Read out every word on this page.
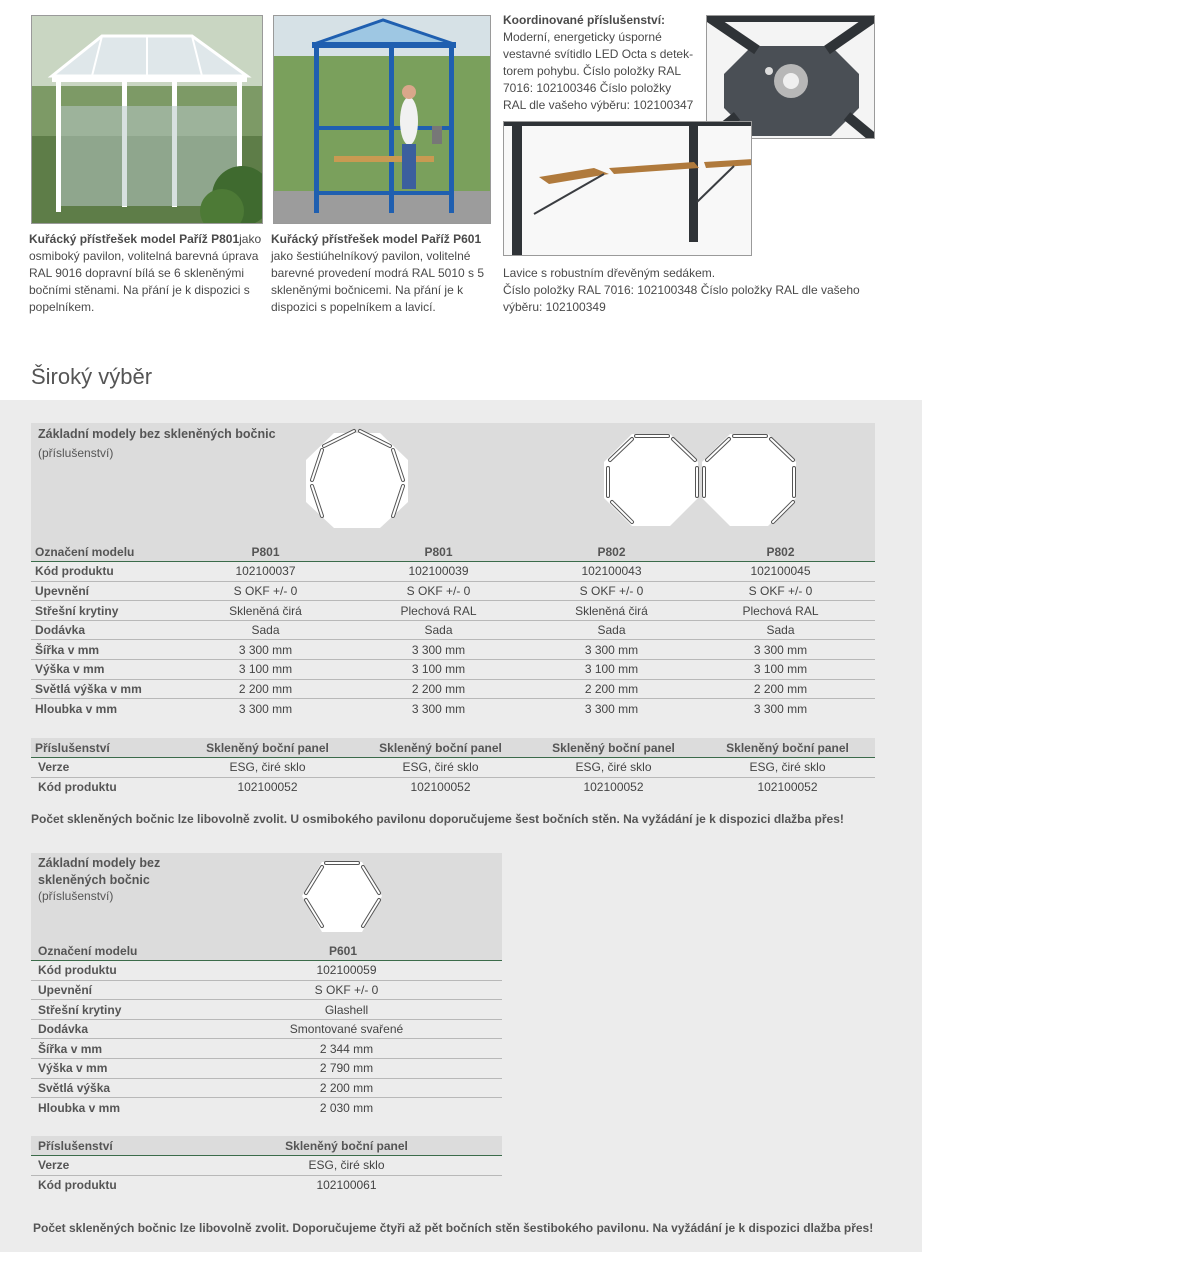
Kuřácký přístřešek model Paříž P801jako osmiboký pavilon, volitelná barevná úprava RAL 9016 dopravní bílá se 6 skleněnými bočními stěnami. Na přání je k dispozici s popelníkem.
Kuřácký přístřešek model Paříž P601
jako šestiúhelníkový pavilon, volitelné barevné provedení modrá RAL 5010 s 5 skleněnými bočnicemi. Na přání je k dispozici s popelníkem a lavicí.
Koordinované příslušenství:
Moderní, energeticky úsporné
vestavné svítidlo LED Octa s detek-
torem pohybu. Číslo položky RAL
7016: 102100346 Číslo položky
RAL dle vašeho výběru: 102100347
Lavice s robustním dřevěným sedákem.
Číslo položky RAL 7016: 102100348 Číslo položky RAL dle vašeho
výběru: 102100349
Široký výběr
Základní modely bez skleněných bočnic
(příslušenství)
Označení modelu	P801	P801	P802	P802
Kód produktu	102100037	102100039	102100043	102100045
Upevnění	S OKF +/- 0	S OKF +/- 0	S OKF +/- 0	S OKF +/- 0
Střešní krytiny	Skleněná čirá	Plechová RAL	Skleněná čirá	Plechová RAL
Dodávka	Sada	Sada	Sada	Sada
Šířka v mm	3 300 mm	3 300 mm	3 300 mm	3 300 mm
Výška v mm	3 100 mm	3 100 mm	3 100 mm	3 100 mm
Světlá výška v mm	2 200 mm	2 200 mm	2 200 mm	2 200 mm
Hloubka v mm	3 300 mm	3 300 mm	3 300 mm	3 300 mm
Příslušenství	Skleněný boční panel	Skleněný boční panel	Skleněný boční panel	Skleněný boční panel
Verze	ESG, čiré sklo	ESG, čiré sklo	ESG, čiré sklo	ESG, čiré sklo
Kód produktu	102100052	102100052	102100052	102100052
Počet skleněných bočnic lze libovolně zvolit. U osmibokého pavilonu doporučujeme šest bočních stěn. Na vyžádání je k dispozici dlažba přes!
Základní modely bez
skleněných bočnic
(příslušenství)
Označení modelu	P601
Kód produktu	102100059
Upevnění	S OKF +/- 0
Střešní krytiny	Glashell
Dodávka	Smontované svařené
Šířka v mm	2 344 mm
Výška v mm	2 790 mm
Světlá výška	2 200 mm
Hloubka v mm	2 030 mm
Příslušenství	Skleněný boční panel
Verze	ESG, čiré sklo
Kód produktu	102100061
Počet skleněných bočnic lze libovolně zvolit. Doporučujeme čtyři až pět bočních stěn šestibokého pavilonu. Na vyžádání je k dispozici dlažba přes!
